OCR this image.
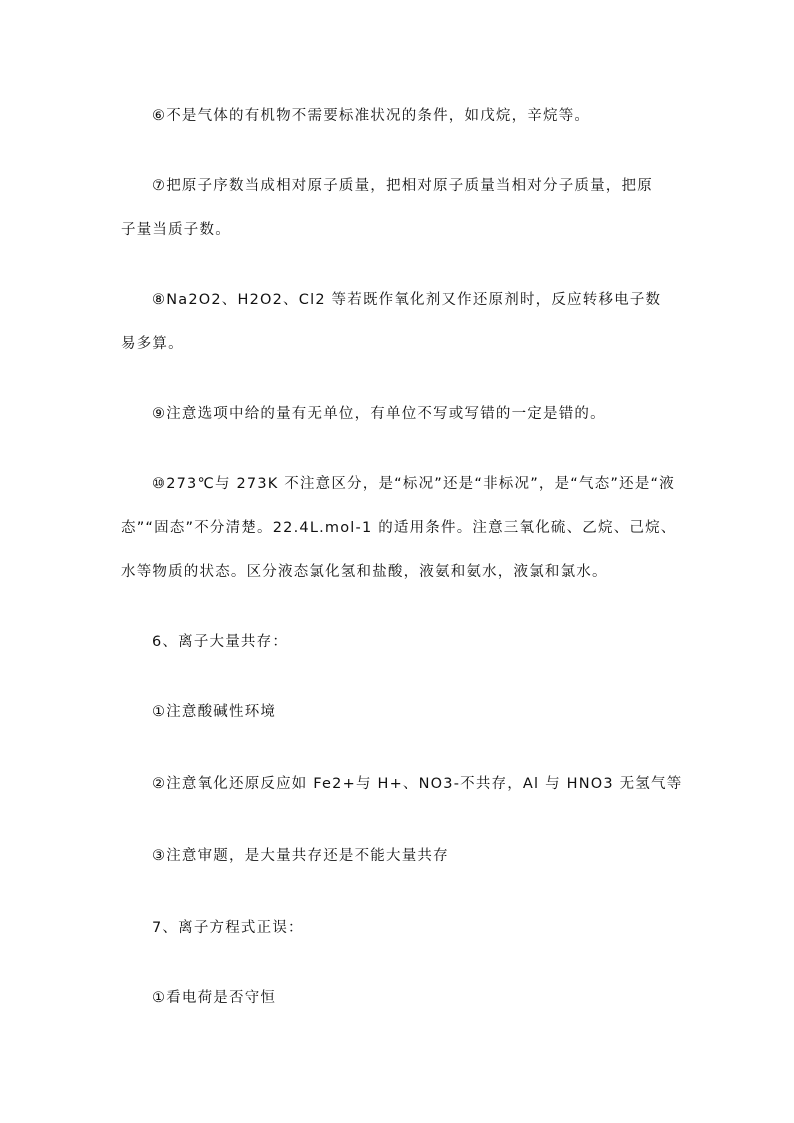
⑥不是气体的有机物不需要标准状况的条件，如戊烷，辛烷等。
⑦把原子序数当成相对原子质量，把相对原子质量当相对分子质量，把原
子量当质子数。
⑧Na2O2、H2O2、Cl2 等若既作氧化剂又作还原剂时，反应转移电子数
易多算。
⑨注意选项中给的量有无单位，有单位不写或写错的一定是错的。
⑩273℃与 273K 不注意区分，是“标况”还是“非标况”，是“气态”还是“液
态”“固态”不分清楚。22.4L.mol-1 的适用条件。注意三氧化硫、乙烷、己烷、
水等物质的状态。区分液态氯化氢和盐酸，液氨和氨水，液氯和氯水。
6、离子大量共存：
①注意酸碱性环境
②注意氧化还原反应如 Fe2+与 H+、NO3-不共存，Al 与 HNO3 无氢气等
③注意审题，是大量共存还是不能大量共存
7、离子方程式正误：
①看电荷是否守恒
